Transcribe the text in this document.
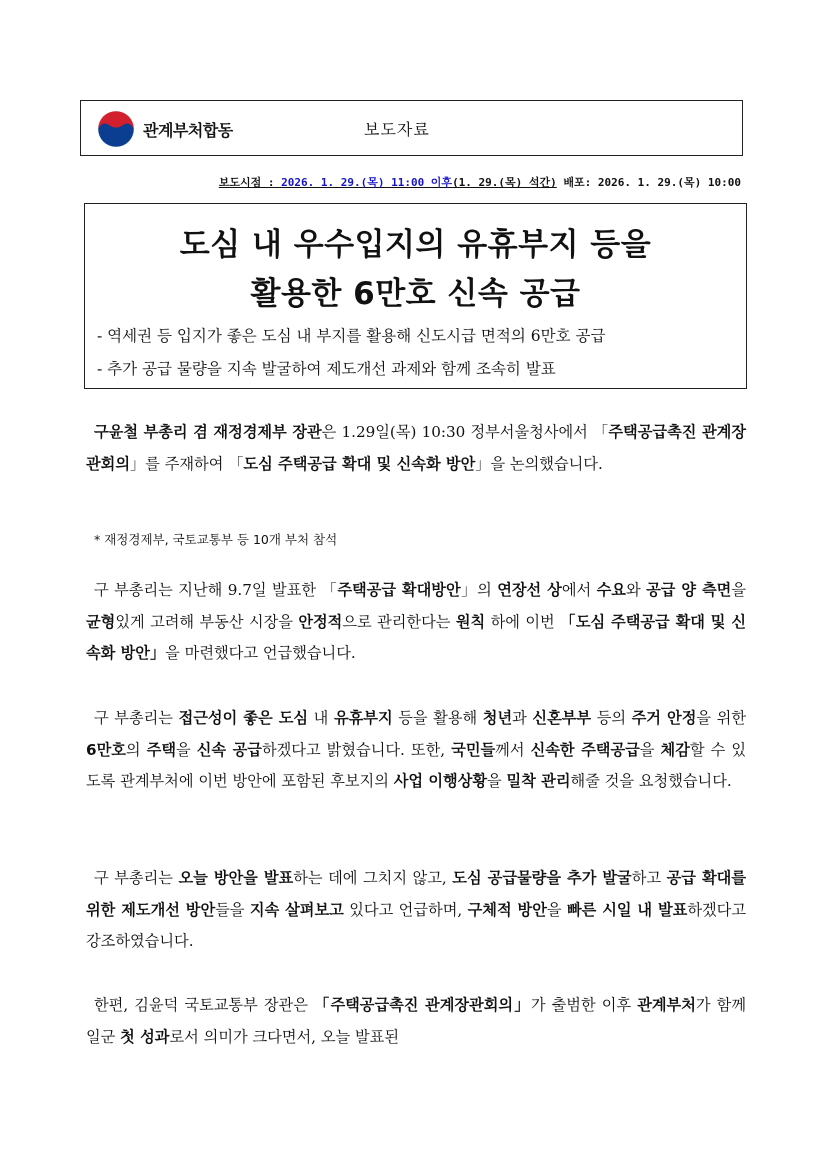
관계부처합동	보도자료
보도시점 : 2026. 1. 29.(목) 11:00 이후(1. 29.(목) 석간) 배포: 2026. 1. 29.(목) 10:00
도심 내 우수입지의 유휴부지 등을
활용한 6만호 신속 공급
- 역세권 등 입지가 좋은 도심 내 부지를 활용해 신도시급 면적의 6만호 공급
- 추가 공급 물량을 지속 발굴하여 제도개선 과제와 함께 조속히 발표
구윤철 부총리 겸 재정경제부 장관은 1.29일(목) 10:30 정부서울청사에서 「주택공급촉진 관계장관회의」를 주재하여 「도심 주택공급 확대 및 신속화 방안」을 논의했습니다.
* 재정경제부, 국토교통부 등 10개 부처 참석
구 부총리는 지난해 9.7일 발표한 「주택공급 확대방안」의 연장선 상에서 수요와 공급 양 측면을 균형있게 고려해 부동산 시장을 안정적으로 관리한다는 원칙 하에 이번 「도심 주택공급 확대 및 신속화 방안」을 마련했다고 언급했습니다.
구 부총리는 접근성이 좋은 도심 내 유휴부지 등을 활용해 청년과 신혼부부 등의 주거 안정을 위한 6만호의 주택을 신속 공급하겠다고 밝혔습니다. 또한, 국민들께서 신속한 주택공급을 체감할 수 있도록 관계부처에 이번 방안에 포함된 후보지의 사업 이행상황을 밀착 관리해줄 것을 요청했습니다.
구 부총리는 오늘 방안을 발표하는 데에 그치지 않고, 도심 공급물량을 추가 발굴하고 공급 확대를 위한 제도개선 방안들을 지속 살펴보고 있다고 언급하며, 구체적 방안을 빠른 시일 내 발표하겠다고 강조하였습니다.
한편, 김윤덕 국토교통부 장관은 「주택공급촉진 관계장관회의」가 출범한 이후 관계부처가 함께 일군 첫 성과로서 의미가 크다면서, 오늘 발표된
